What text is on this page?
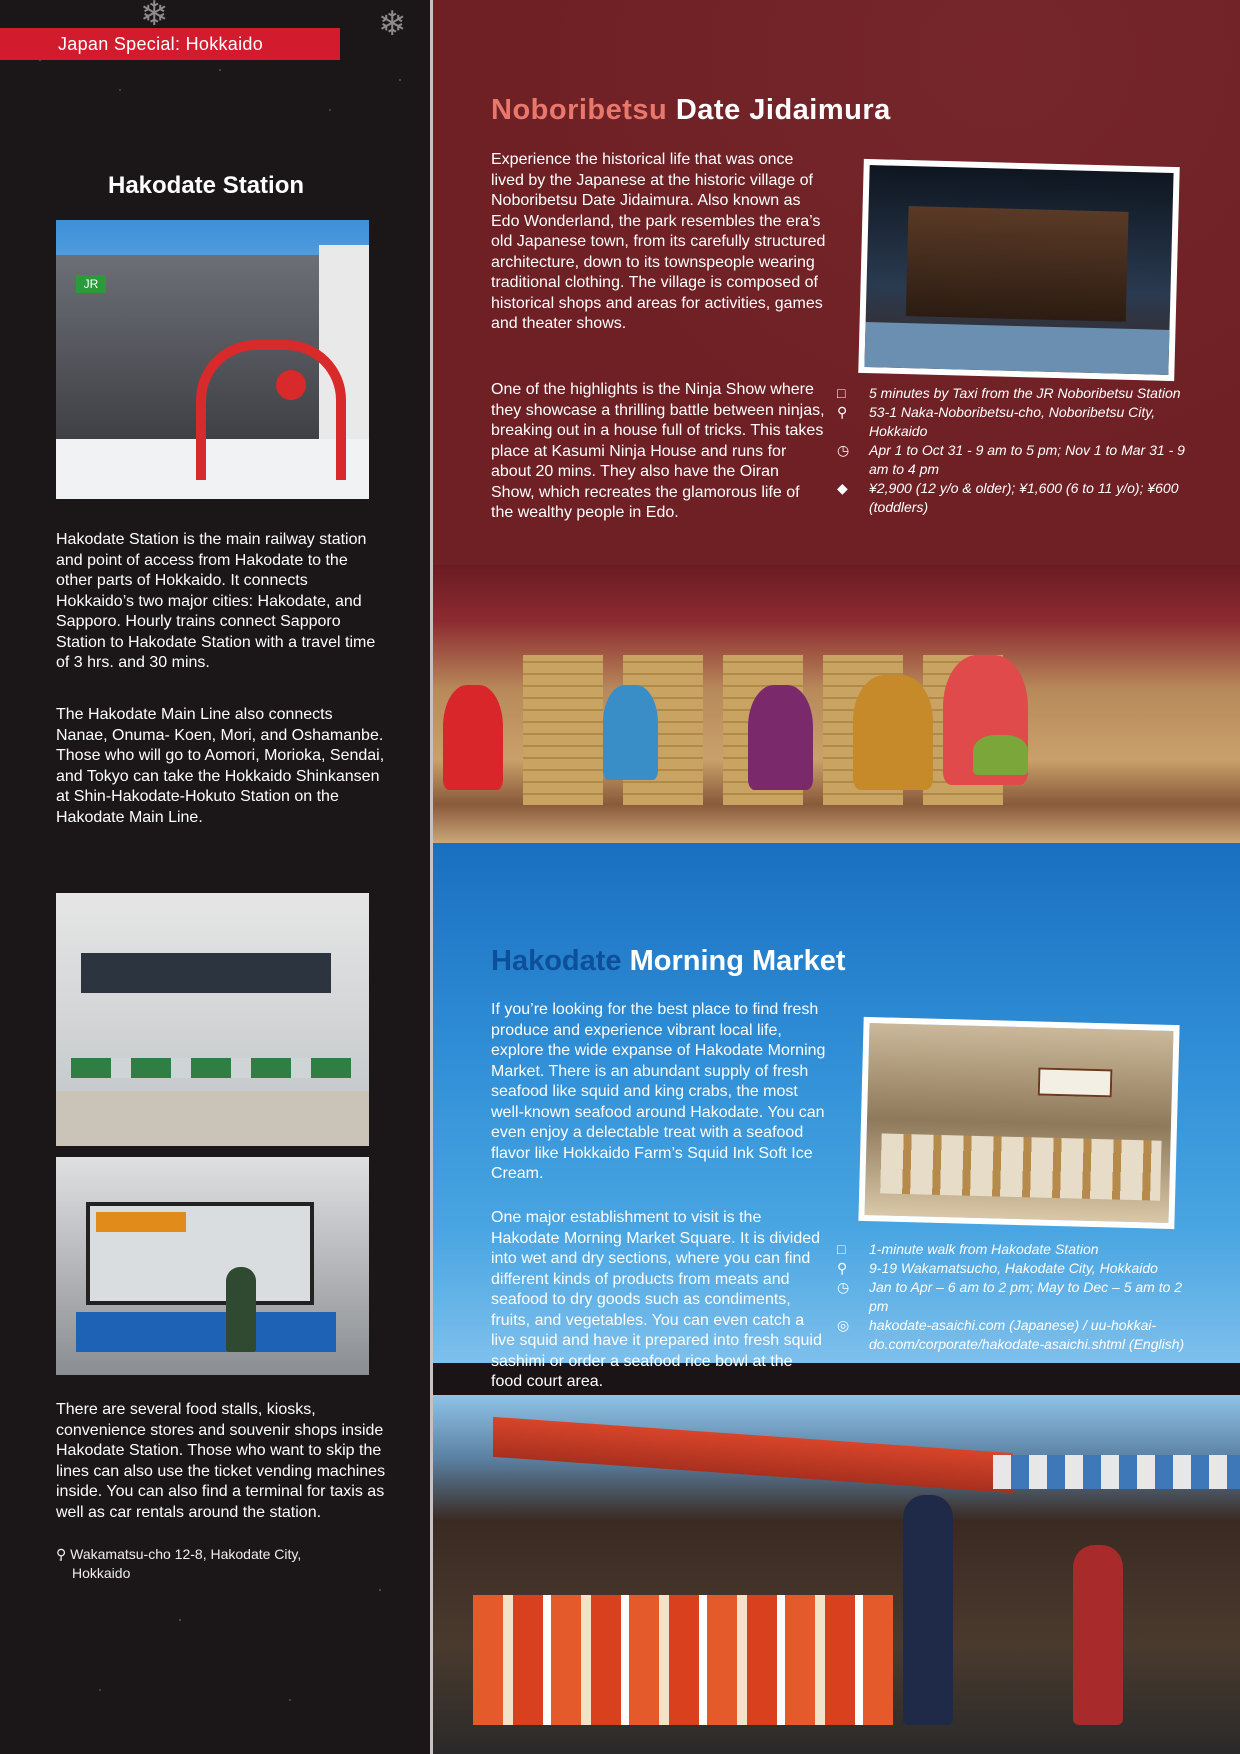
Japan Special: Hokkaido
❄	❄
Hakodate Station
JR
Hakodate Station is the main railway station and point of access from Hakodate to the other parts of Hokkaido. It connects Hokkaido’s two major cities: Hakodate, and Sapporo. Hourly trains connect Sapporo Station to Hakodate Station with a travel time of 3 hrs. and 30 mins.
The Hakodate Main Line also connects Nanae, Onuma- Koen, Mori, and Oshamanbe. Those who will go to Aomori, Morioka, Sendai, and Tokyo can take the Hokkaido Shinkansen at Shin-Hakodate-Hokuto Station on the Hakodate Main Line.
There are several food stalls, kiosks, convenience stores and souvenir shops inside Hakodate Station. Those who want to skip the lines can also use the ticket vending machines inside. You can also find a terminal for taxis as well as car rentals around the station.
⚲ Wakamatsu-cho 12-8, Hakodate City, Hokkaido
Noboribetsu Date Jidaimura
Experience the historical life that was once lived by the Japanese at the historic village of Noboribetsu Date Jidaimura. Also known as Edo Wonderland, the park resembles the era’s old Japanese town, from its carefully structured architecture, down to its townspeople wearing traditional clothing. The village is composed of historical shops and areas for activities, games and theater shows.
One of the highlights is the Ninja Show where they showcase a thrilling battle between ninjas, breaking out in a house full of tricks. This takes place at Kasumi Ninja House and runs for about 20 mins. They also have the Oiran Show, which recreates the glamorous life of the wealthy people in Edo.
□ 5 minutes by Taxi from the JR Noboribetsu Station
⚲ 53-1 Naka-Noboribetsu-cho, Noboribetsu City, Hokkaido
◷ Apr 1 to Oct 31 - 9 am to 5 pm; Nov 1 to Mar 31 - 9 am to 4 pm
◆ ¥2,900 (12 y/o & older); ¥1,600 (6 to 11 y/o); ¥600 (toddlers)
Hakodate Morning Market
If you’re looking for the best place to find fresh produce and experience vibrant local life, explore the wide expanse of Hakodate Morning Market. There is an abundant supply of fresh seafood like squid and king crabs, the most well-known seafood around Hakodate. You can even enjoy a delectable treat with a seafood flavor like Hokkaido Farm’s Squid Ink Soft Ice Cream.
One major establishment to visit is the Hakodate Morning Market Square. It is divided into wet and dry sections, where you can find different kinds of products from meats and seafood to dry goods such as condiments, fruits, and vegetables. You can even catch a live squid and have it prepared into fresh squid sashimi or order a seafood rice bowl at the food court area.
□ 1-minute walk from Hakodate Station
⚲ 9-19 Wakamatsucho, Hakodate City, Hokkaido
◷ Jan to Apr – 6 am to 2 pm; May to Dec – 5 am to 2 pm
◎ hakodate-asaichi.com (Japanese) / uu-hokkai-do.com/corporate/hakodate-asaichi.shtml (English)
